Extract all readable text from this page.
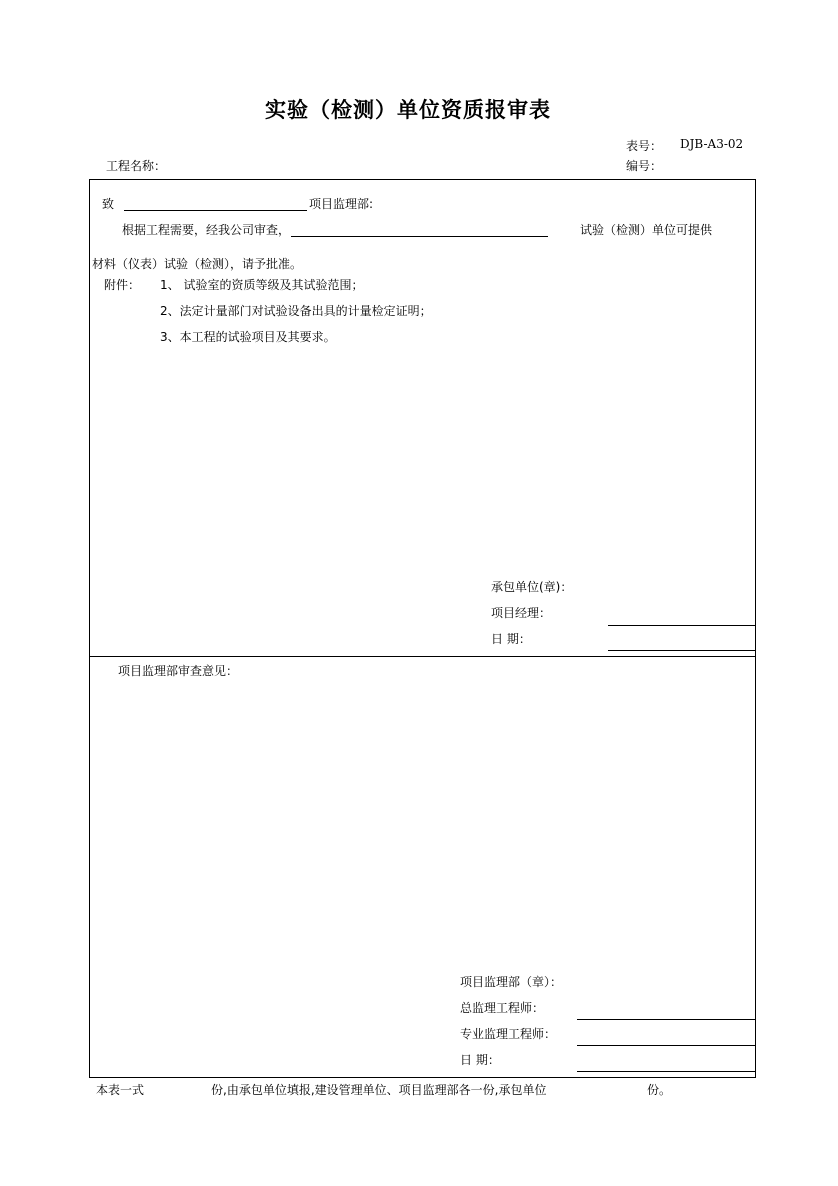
实验（检测）单位资质报审表
表号： DJB-A3-02
工程名称：	编号：
致	项目监理部:
根据工程需要，经我公司审查，	试验（检测）单位可提供
材料（仪表）试验（检测），请予批准。
附件： 1、 试验室的资质等级及其试验范围；
2、法定计量部门对试验设备出具的计量检定证明；
3、本工程的试验项目及其要求。
承包单位(章)：
项目经理：
日 期：
项目监理部审查意见：
项目监理部（章）：
总监理工程师：
专业监理工程师：
日 期：
本表一式	份,由承包单位填报,建设管理单位、项目监理部各一份,承包单位	份。
